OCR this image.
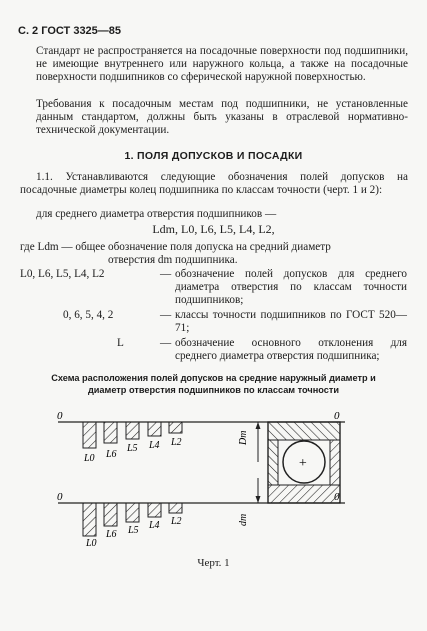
С. 2 ГОСТ 3325—85
Стандарт не распространяется на посадочные поверхности под подшипники, не имеющие внутреннего или наружного кольца, а также на посадочные поверхности подшипников со сферической наружной поверхностью.
Требования к посадочным местам под подшипники, не установленные данным стандартом, должны быть указаны в отраслевой нормативно-технической документации.
1. ПОЛЯ ДОПУСКОВ И ПОСАДКИ
1.1. Устанавливаются следующие обозначения полей допусков на посадочные диаметры колец подшипника по классам точности (черт. 1 и 2):
для среднего диаметра отверстия подшипников —
Ldm, L0, L6, L5, L4, L2,
где Ldm — общее обозначение поля допуска на средний диаметр
отверстия dm подшипника.
L0, L6, L5, L4, L2	— обозначение полей допусков для среднего диаметра отверстия по классам точности подшипников;
0, 6, 5, 4, 2	— классы точности подшипников по ГОСТ 520—71;
L	— обозначение основного отклонения для среднего диаметра отверстия подшипника;
Схема расположения полей допусков на средние наружный диаметр и
диаметр отверстия подшипников по классам точности
0	0
L0 L6
L5 L4 L2
0
L0
L6 L5 L4 L2
Dm
dm
+
Черт. 1
